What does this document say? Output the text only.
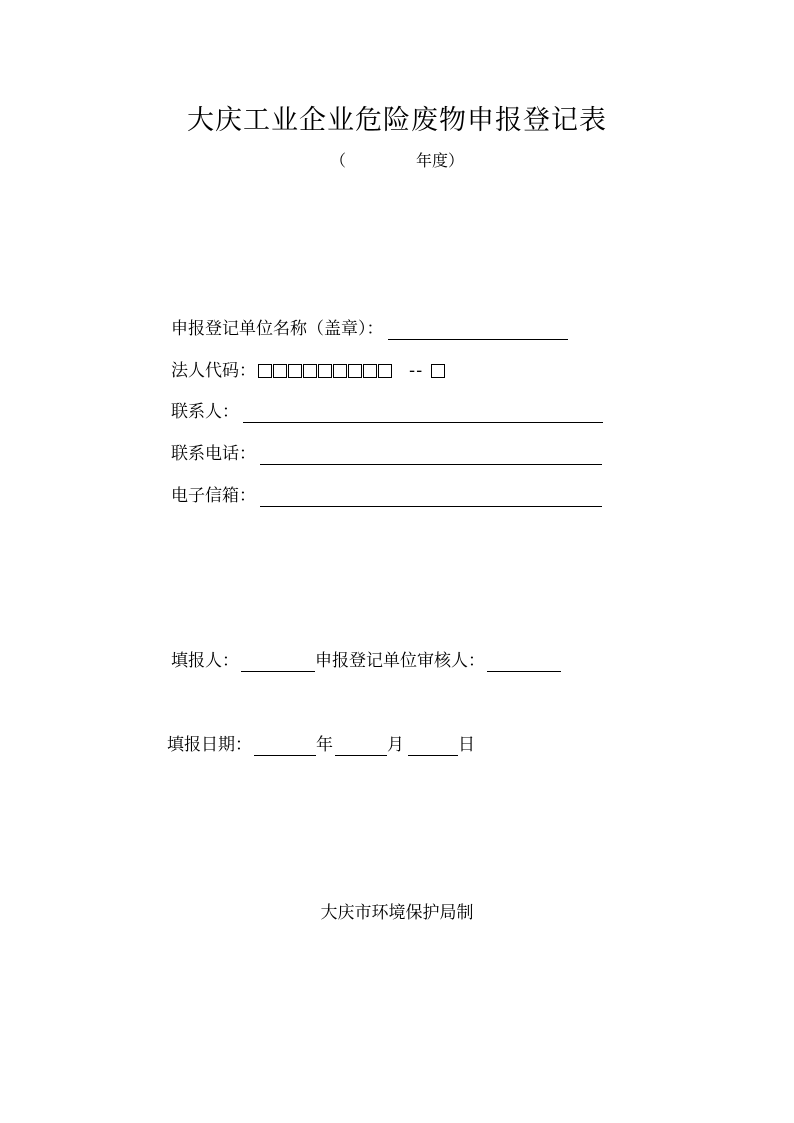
大庆工业企业危险废物申报登记表
（	年度）
申报登记单位名称（盖章）：
法人代码：	--
联系人：
联系电话：
电子信箱：
填报人：	申报登记单位审核人：
填报日期：	年	月	日
大庆市环境保护局制
